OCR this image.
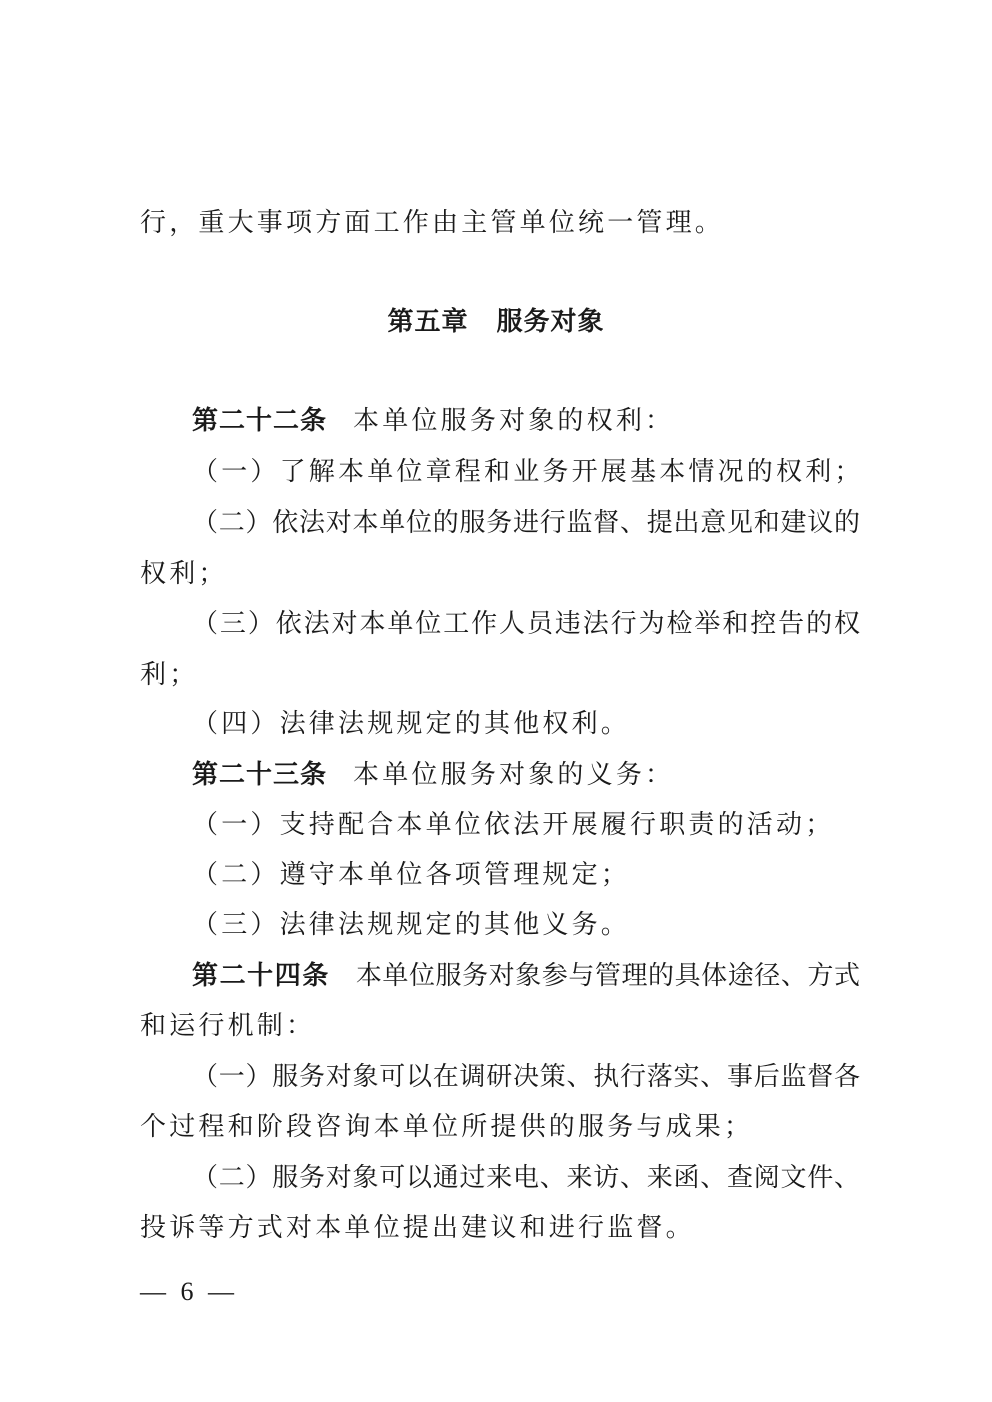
行，重大事项方面工作由主管单位统一管理。
第五章 服务对象
第二十二条 本单位服务对象的权利：
（一）了解本单位章程和业务开展基本情况的权利；
（二）依法对本单位的服务进行监督、提出意见和建议的
权利；
（三）依法对本单位工作人员违法行为检举和控告的权
利；
（四）法律法规规定的其他权利。
第二十三条 本单位服务对象的义务：
（一）支持配合本单位依法开展履行职责的活动；
（二）遵守本单位各项管理规定；
（三）法律法规规定的其他义务。
第二十四条 本单位服务对象参与管理的具体途径、方式
和运行机制：
（一）服务对象可以在调研决策、执行落实、事后监督各
个过程和阶段咨询本单位所提供的服务与成果；
（二）服务对象可以通过来电、来访、来函、查阅文件、
投诉等方式对本单位提出建议和进行监督。
— 6 —
